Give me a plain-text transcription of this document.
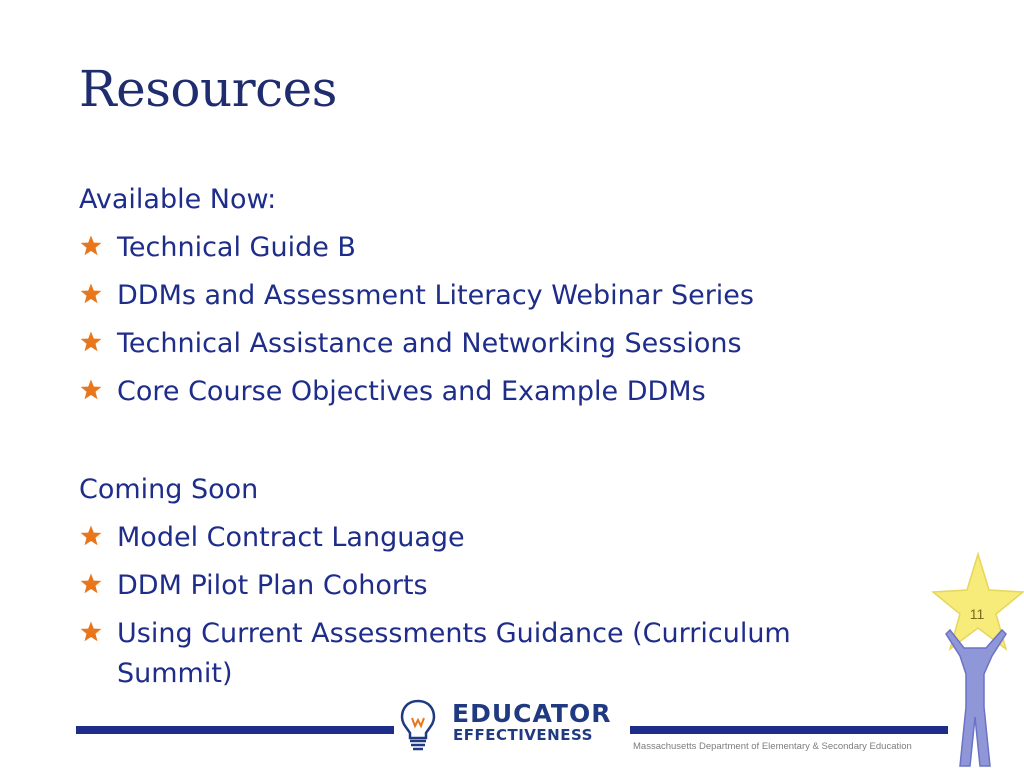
Resources

Available Now:

Technical Guide B
DDMs and Assessment Literacy Webinar Series
Technical Assistance and Networking Sessions
Core Course Objectives and Example DDMs

Coming Soon

Model Contract Language
DDM Pilot Plan Cohorts
Using Current Assessments Guidance (Curriculum Summit)
EDUCATOR
EFFECTIVENESS
Massachusetts Department of Elementary & Secondary Education
11
